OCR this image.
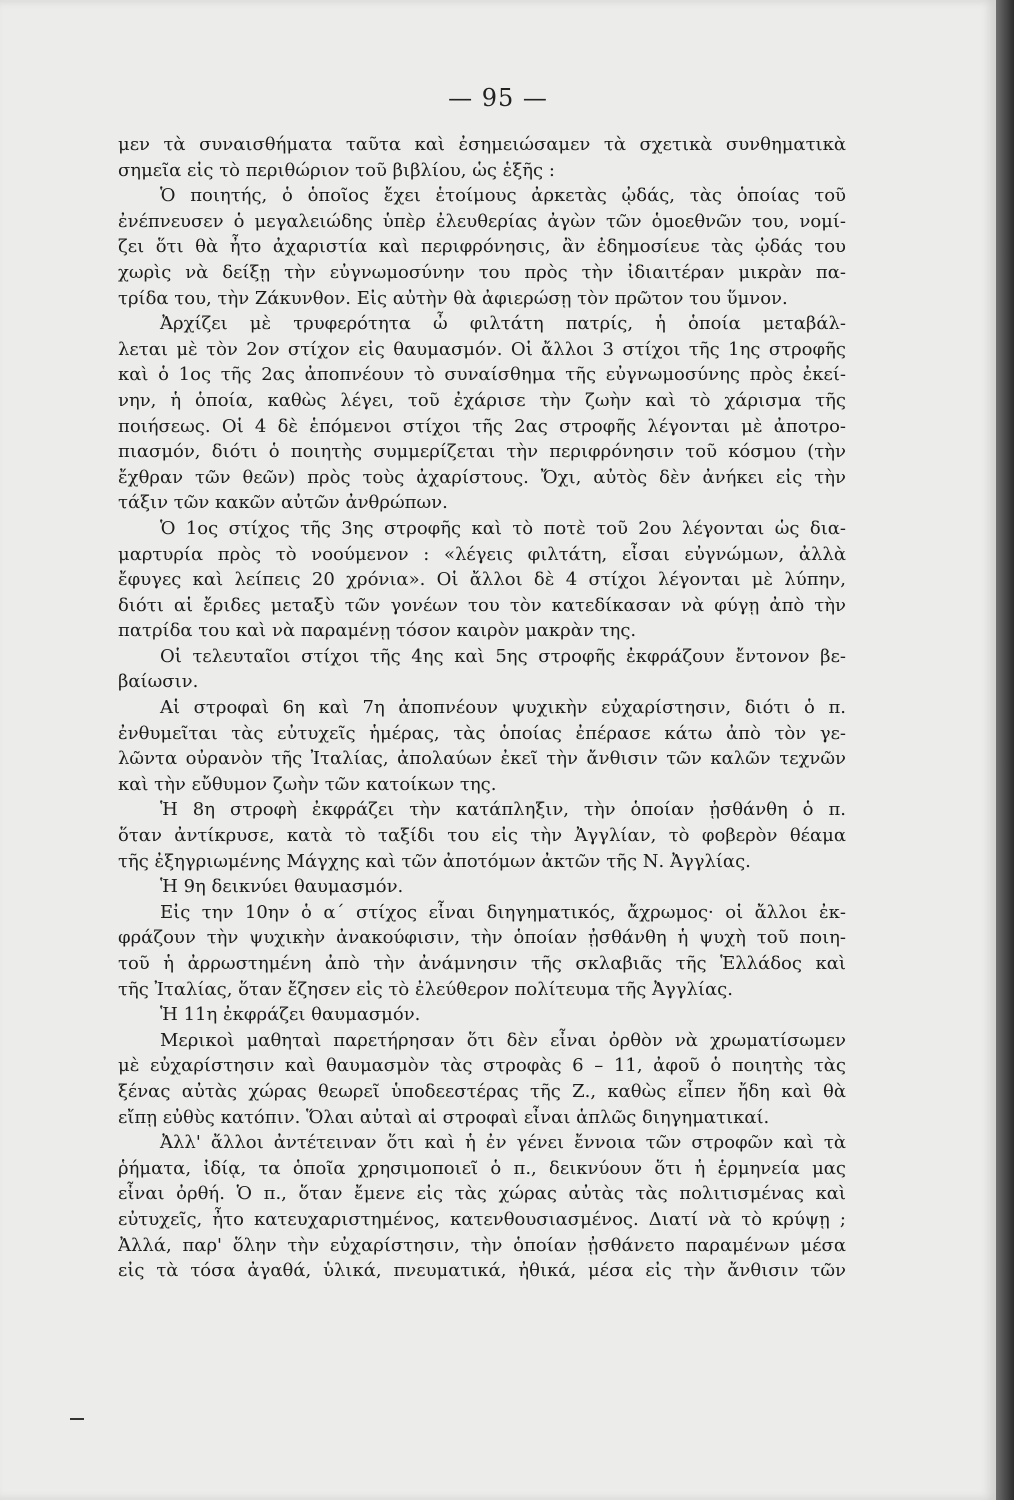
— 95 —
μεν τὰ συναισθήματα ταῦτα καὶ ἐσημειώσαμεν τὰ σχετικὰ συνθηματικὰ
σημεῖα εἰς τὸ περιθώριον τοῦ βιβλίου, ὡς ἑξῆς :
Ὁ ποιητής, ὁ ὁποῖος ἔχει ἑτοίμους ἀρκετὰς ᾠδάς, τὰς ὁποίας τοῦ
ἐνέπνευσεν ὁ μεγαλειώδης ὑπὲρ ἐλευθερίας ἀγὼν τῶν ὁμοεθνῶν του, νομί-
ζει ὅτι θὰ ἦτο ἀχαριστία καὶ περιφρόνησις, ἂν ἐδημοσίευε τὰς ᾠδάς του
χωρὶς νὰ δείξῃ τὴν εὐγνωμοσύνην του πρὸς τὴν ἰδιαιτέραν μικρὰν πα-
τρίδα του, τὴν Ζάκυνθον. Εἰς αὐτὴν θὰ ἀφιερώσῃ τὸν πρῶτον του ὕμνον.
Ἀρχίζει μὲ τρυφερότητα ὦ φιλτάτη πατρίς, ἡ ὁποία μεταβάλ-
λεται μὲ τὸν 2ον στίχον εἰς θαυμασμόν. Οἱ ἄλλοι 3 στίχοι τῆς 1ης στροφῆς
καὶ ὁ 1ος τῆς 2ας ἀποπνέουν τὸ συναίσθημα τῆς εὐγνωμοσύνης πρὸς ἐκεί-
νην, ἡ ὁποία, καθὼς λέγει, τοῦ ἐχάρισε τὴν ζωὴν καὶ τὸ χάρισμα τῆς
ποιήσεως. Οἱ 4 δὲ ἑπόμενοι στίχοι τῆς 2ας στροφῆς λέγονται μὲ ἀποτρο-
πιασμόν, διότι ὁ ποιητὴς συμμερίζεται τὴν περιφρόνησιν τοῦ κόσμου (τὴν
ἔχθραν τῶν θεῶν) πρὸς τοὺς ἀχαρίστους. Ὄχι, αὐτὸς δὲν ἀνήκει εἰς τὴν
τάξιν τῶν κακῶν αὐτῶν ἀνθρώπων.
Ὁ 1ος στίχος τῆς 3ης στροφῆς καὶ τὸ ποτὲ τοῦ 2ου λέγονται ὡς δια-
μαρτυρία πρὸς τὸ νοούμενον : «λέγεις φιλτάτη, εἶσαι εὐγνώμων, ἀλλὰ
ἔφυγες καὶ λείπεις 20 χρόνια». Οἱ ἄλλοι δὲ 4 στίχοι λέγονται μὲ λύπην,
διότι αἱ ἔριδες μεταξὺ τῶν γονέων του τὸν κατεδίκασαν νὰ φύγῃ ἀπὸ τὴν
πατρίδα του καὶ νὰ παραμένῃ τόσον καιρὸν μακρὰν της.
Οἱ τελευταῖοι στίχοι τῆς 4ης καὶ 5ης στροφῆς ἐκφράζουν ἔντονον βε-
βαίωσιν.
Αἱ στροφαὶ 6η καὶ 7η ἀποπνέουν ψυχικὴν εὐχαρίστησιν, διότι ὁ π.
ἐνθυμεῖται τὰς εὐτυχεῖς ἡμέρας, τὰς ὁποίας ἐπέρασε κάτω ἀπὸ τὸν γε-
λῶντα οὐρανὸν τῆς Ἰταλίας, ἀπολαύων ἐκεῖ τὴν ἄνθισιν τῶν καλῶν τεχνῶν
καὶ τὴν εὔθυμον ζωὴν τῶν κατοίκων της.
Ἡ 8η στροφὴ ἐκφράζει τὴν κατάπληξιν, τὴν ὁποίαν ᾐσθάνθη ὁ π.
ὅταν ἀντίκρυσε, κατὰ τὸ ταξίδι του εἰς τὴν Ἀγγλίαν, τὸ φοβερὸν θέαμα
τῆς ἐξηγριωμένης Μάγχης καὶ τῶν ἀποτόμων ἀκτῶν τῆς Ν. Ἀγγλίας.
Ἡ 9η δεικνύει θαυμασμόν.
Εἰς την 10ην ὁ α΄ στίχος εἶναι διηγηματικός, ἄχρωμος· οἱ ἄλλοι ἐκ-
φράζουν τὴν ψυχικὴν ἀνακούφισιν, τὴν ὁποίαν ᾐσθάνθη ἡ ψυχὴ τοῦ ποιη-
τοῦ ἡ ἀρρωστημένη ἀπὸ τὴν ἀνάμνησιν τῆς σκλαβιᾶς τῆς Ἑλλάδος καὶ
τῆς Ἰταλίας, ὅταν ἔζησεν εἰς τὸ ἐλεύθερον πολίτευμα τῆς Ἀγγλίας.
Ἡ 11η ἐκφράζει θαυμασμόν.
Μερικοὶ μαθηταὶ παρετήρησαν ὅτι δὲν εἶναι ὀρθὸν νὰ χρωματίσωμεν
μὲ εὐχαρίστησιν καὶ θαυμασμὸν τὰς στροφὰς 6 – 11, ἀφοῦ ὁ ποιητὴς τὰς
ξένας αὐτὰς χώρας θεωρεῖ ὑποδεεστέρας τῆς Ζ., καθὼς εἶπεν ἤδη καὶ θὰ
εἴπῃ εὐθὺς κατόπιν. Ὅλαι αὐταὶ αἱ στροφαὶ εἶναι ἁπλῶς διηγηματικαί.
Ἀλλ' ἄλλοι ἀντέτειναν ὅτι καὶ ἡ ἐν γένει ἔννοια τῶν στροφῶν καὶ τὰ
ῥήματα, ἰδίᾳ, τα ὁποῖα χρησιμοποιεῖ ὁ π., δεικνύουν ὅτι ἡ ἑρμηνεία μας
εἶναι ὀρθή. Ὁ π., ὅταν ἔμενε εἰς τὰς χώρας αὐτὰς τὰς πολιτισμένας καὶ
εὐτυχεῖς, ἦτο κατευχαριστημένος, κατενθουσιασμένος. Διατί νὰ τὸ κρύψῃ ;
Ἀλλά, παρ' ὅλην τὴν εὐχαρίστησιν, τὴν ὁποίαν ᾐσθάνετο παραμένων μέσα
εἰς τὰ τόσα ἀγαθά, ὑλικά, πνευματικά, ἠθικά, μέσα εἰς τὴν ἄνθισιν τῶν
